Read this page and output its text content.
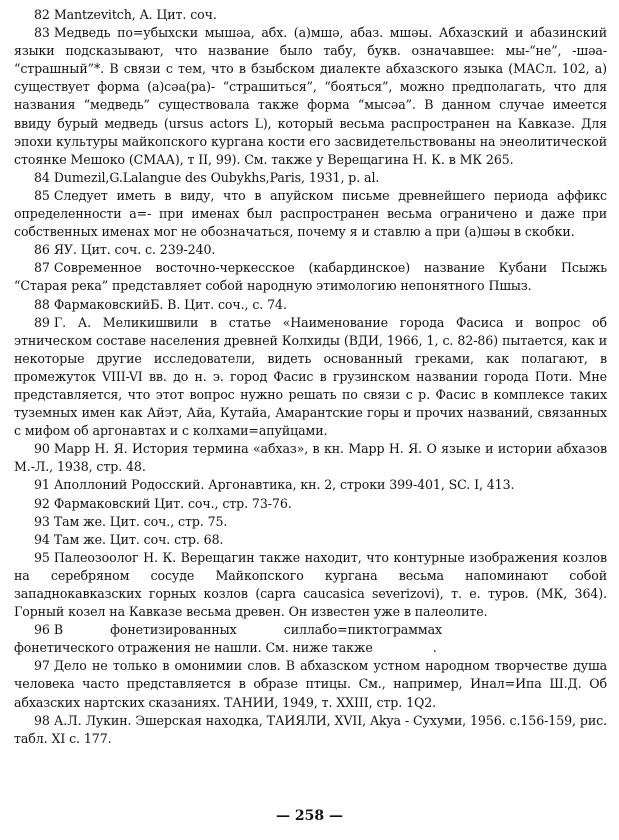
82 Mantzevitch, A. Цит. соч.

83 Медведь по=убыхски мышәа, абх. (а)мшә, абаз. мшәы. Абхазский и абазинский языки подсказывают, что название было табу, букв. означавшее: мы-“не”, -шәа- “страшный”*. В связи с тем, что в бзыбском диалекте абхазского языка (МАСл. 102, а) существует форма (а)сәа(ра)- “страшиться”, “бояться”, можно предполагать, что для названия “медведь” существовала также форма “мысәа”. В данном случае имеется ввиду бурый медведь (ursus actors L), который весьма распространен на Кавказе. Для эпохи культуры майкопского кургана кости его засвидетельствованы на энеолитической стоянке Мешоко (СМАА), т II, 99). См. также у Верещагина Н. К. в МК 265.

84 Dumezil,G.Lalangue des Oubykhs,Paris, 1931, p. al.

85 Следует иметь в виду, что в апуйском письме древнейшего периода аффикс определенности а=- при именах был распространен весьма ограничено и даже при собственных именах мог не обозначаться, почему я и ставлю а при (а)шәы в скобки.

86 ЯУ. Цит. соч. с. 239-240.

87 Современное восточно-черкесское (кабардинское) название Кубани Псыжь “Старая река” представляет собой народную этимологию непонятного Пшыз.

88 ФармаковскийБ. В. Цит. соч., с. 74.

89 Г. А. Меликишвили в статье «Наименование города Фасиса и вопрос об этническом составе населения древней Колхиды (ВДИ, 1966, 1, с. 82-86) пытается, как и некоторые другие исследователи, видеть основанный греками, как полагают, в промежуток VIII-VI вв. до н. э. город Фасис в грузинском названии города Поти. Мне представляется, что этот вопрос нужно решать по связи с р. Фасис в комплексе таких туземных имен как Айэт, Айа, Кутайа, Амарантские горы и прочих названий, связанных с мифом об аргонавтах и с колхами=апуйцами.

90 Марр Н. Я. История термина «абхаз», в кн. Марр Н. Я. О языке и истории абхазов М.-Л., 1938, стр. 48.

91 Аполлоний Родосский. Аргонавтика, кн. 2, строки 399-401, SC. I, 413.

92 Фармаковский Цит. соч., стр. 73-76.

93 Там же. Цит. соч., стр. 75.

94 Там же. Цит. соч. стр. 68.

95 Палеозоолог Н. К. Верещагин также находит, что контурные изображения козлов на серебряном сосуде Майкопского кургана весьма напоминают собой западнокавказских горных козлов (capra caucasica severizovi), т. е. туров. (МК, 364). Горный козел на Кавказе весьма древен. Он известен уже в палеолите.

96 В фонетизированных силлабо=пиктограммахфонетического отражения не нашли. См. ниже также	.

97 Дело не только в омонимии слов. В абхазском устном народном творчестве душа человека часто представляется в образе птицы. См., например, Инал=Ипа Ш.Д. Об абхазских нартских сказаниях. ТАНИИ, 1949, т. XXIII, стр. 1Q2.

98 А.Л. Лукин. Эшерская находка, ТАИЯЛИ, XVII, Akya - Сухуми, 1956. с.156-159, рис. табл. XI с. 177.

— 258 —
